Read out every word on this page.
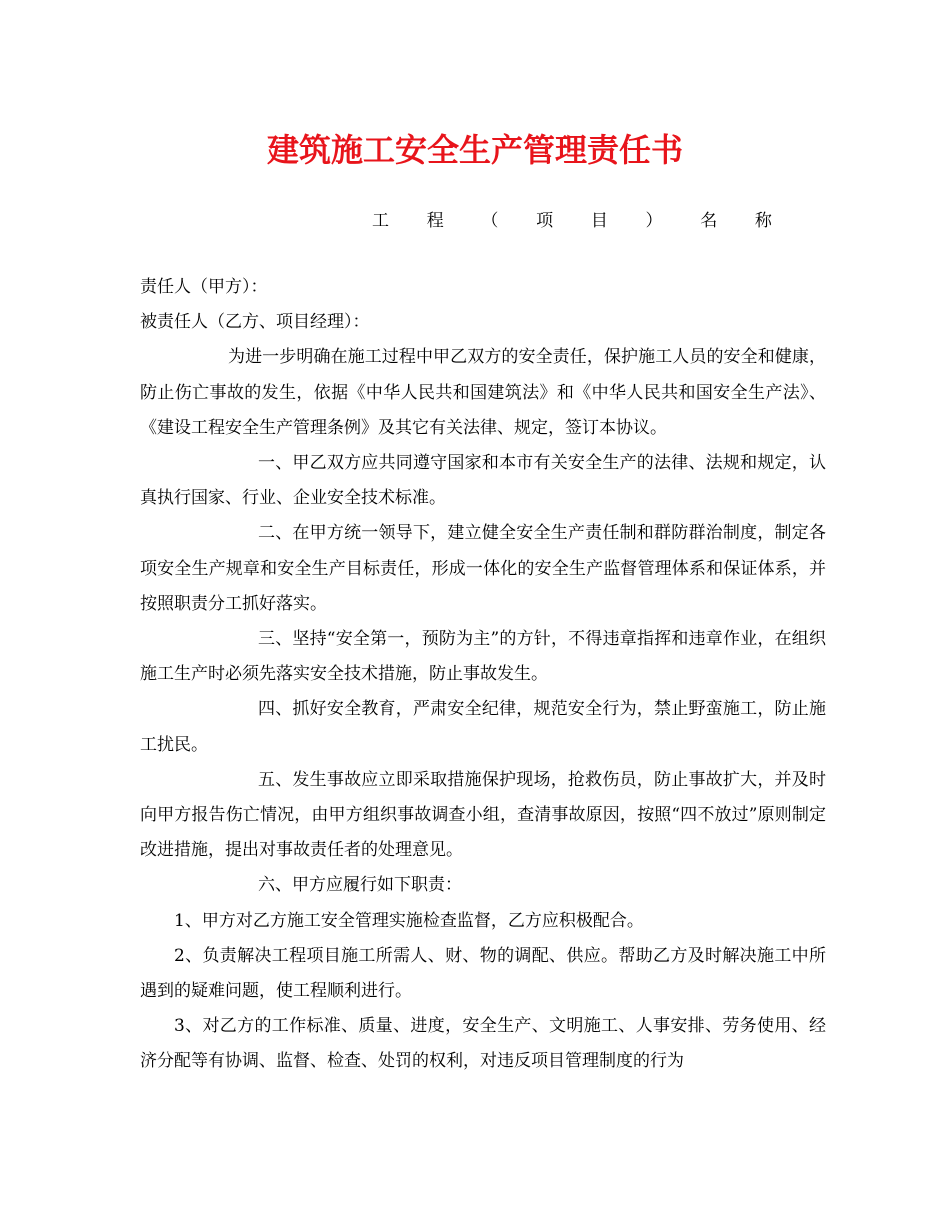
建筑施工安全生产管理责任书
工 程 （ 项 目 ） 名 称

责任人（甲方）：

被责任人（乙方、项目经理）：

为进一步明确在施工过程中甲乙双方的安全责任，保护施工人员的安全和健康，防止伤亡事故的发生，依据《中华人民共和国建筑法》和《中华人民共和国安全生产法》、《建设工程安全生产管理条例》及其它有关法律、规定，签订本协议。

一、甲乙双方应共同遵守国家和本市有关安全生产的法律、法规和规定，认真执行国家、行业、企业安全技术标准。

二、在甲方统一领导下，建立健全安全生产责任制和群防群治制度，制定各项安全生产规章和安全生产目标责任，形成一体化的安全生产监督管理体系和保证体系，并按照职责分工抓好落实。

三、坚持“安全第一，预防为主”的方针，不得违章指挥和违章作业，在组织施工生产时必须先落实安全技术措施，防止事故发生。

四、抓好安全教育，严肃安全纪律，规范安全行为，禁止野蛮施工，防止施工扰民。

五、发生事故应立即采取措施保护现场，抢救伤员，防止事故扩大，并及时向甲方报告伤亡情况，由甲方组织事故调查小组，查清事故原因，按照“四不放过”原则制定改进措施，提出对事故责任者的处理意见。

六、甲方应履行如下职责：

1、甲方对乙方施工安全管理实施检查监督，乙方应积极配合。

2、负责解决工程项目施工所需人、财、物的调配、供应。帮助乙方及时解决施工中所遇到的疑难问题，使工程顺利进行。

3、对乙方的工作标准、质量、进度，安全生产、文明施工、人事安排、劳务使用、经济分配等有协调、监督、检查、处罚的权利，对违反项目管理制度的行为
